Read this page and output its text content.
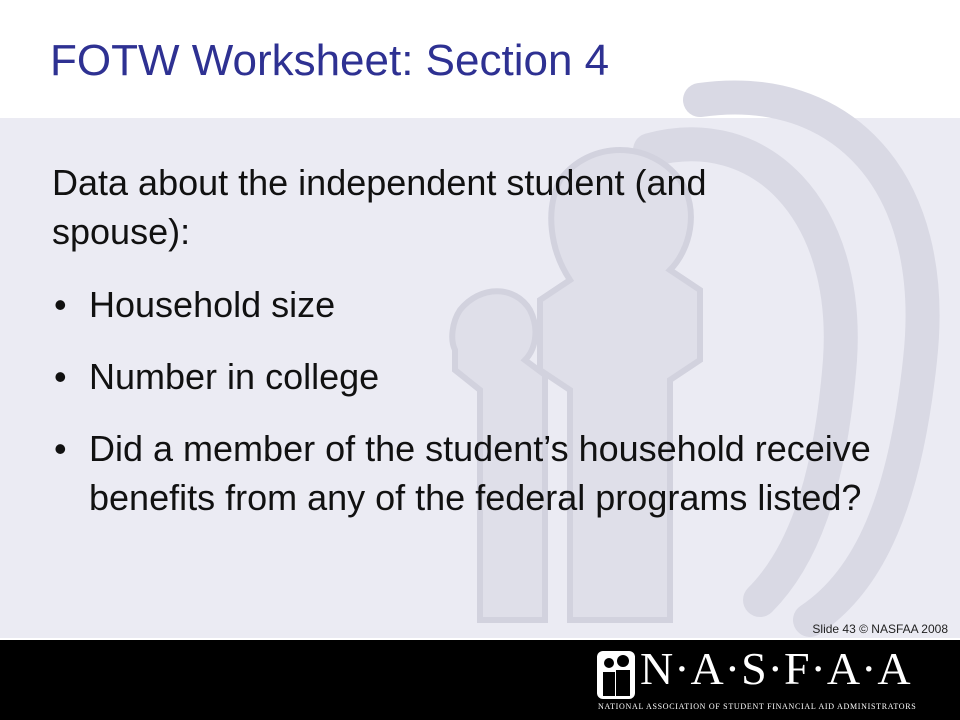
FOTW Worksheet: Section 4

Data about the independent student (and spouse):

• Household size
• Number in college
• Did a member of the student’s household receive benefits from any of the federal programs listed?
Slide 43 © NASFAA 2008
N·A·S·F·A·A
NATIONAL ASSOCIATION OF STUDENT FINANCIAL AID ADMINISTRATORS
